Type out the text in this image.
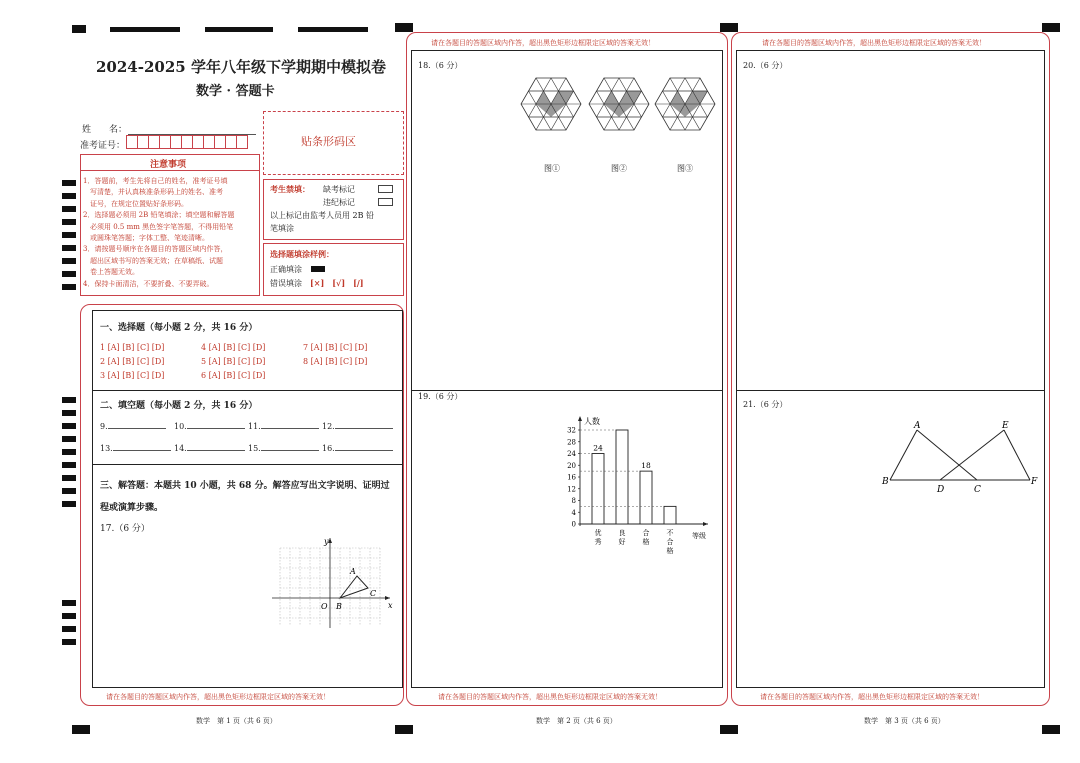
2024-2025 学年八年级下学期期中模拟卷
数学 · 答题卡
姓　　名：
准考证号：	贴条形码区
注意事项
1．答题前，考生先将自己的姓名，准考证号填
　写清楚，并认真核准条形码上的姓名、准考
　证号，在规定位置贴好条形码。
2．选择题必须用 2B 铅笔填涂；填空题和解答题
　必须用 0.5 mm 黑色签字笔答题，不得用铅笔
　或圆珠笔答题；字体工整、笔迹清晰。
3．请按题号顺序在各题目的答题区域内作答，
　超出区域书写的答案无效；在草稿纸、试题
　卷上答题无效。
4．保持卡面清洁，不要折叠、不要弄破。
考生禁填： 缺考标记
违纪标记
以上标记由监考人员用 2B 铅
笔填涂
选择题填涂样例：
正确填涂
错误填涂 [×]　[√]　[/]
一、选择题（每小题 2 分，共 16 分）
1 [A] [B] [C] [D]	4 [A] [B] [C] [D]	7 [A] [B] [C] [D]
2 [A] [B] [C] [D]	5 [A] [B] [C] [D]	8 [A] [B] [C] [D]
3 [A] [B] [C] [D]	6 [A] [B] [C] [D]
二、填空题（每小题 2 分，共 16 分）
9.	10.	11.	12.
13.	14.	15.	16.
三、解答题：本题共 10 小题，共 68 分。解答应写出文字说明、证明过
程或演算步骤。
17.（6 分）
y
x
O
A
B
C
请在各题目的答题区域内作答，超出黑色矩形边框限定区域的答案无效！
数学　第 1 页（共 6 页）
请在各题目的答题区域内作答，超出黑色矩形边框限定区域的答案无效！
18.（6 分）
图①	图②	图③
19.（6 分）
人数
等级
0
4
8
12
16
20
24
28
32
24
优秀
良好
18
合格
不合格
请在各题目的答题区域内作答，超出黑色矩形边框限定区域的答案无效！
数学　第 2 页（共 6 页）
请在各题目的答题区域内作答，超出黑色矩形边框限定区域的答案无效！
20.（6 分）
21.（6 分）
A	E
B
D	C
F
请在各题目的答题区域内作答，超出黑色矩形边框限定区域的答案无效！
数学　第 3 页（共 6 页）
